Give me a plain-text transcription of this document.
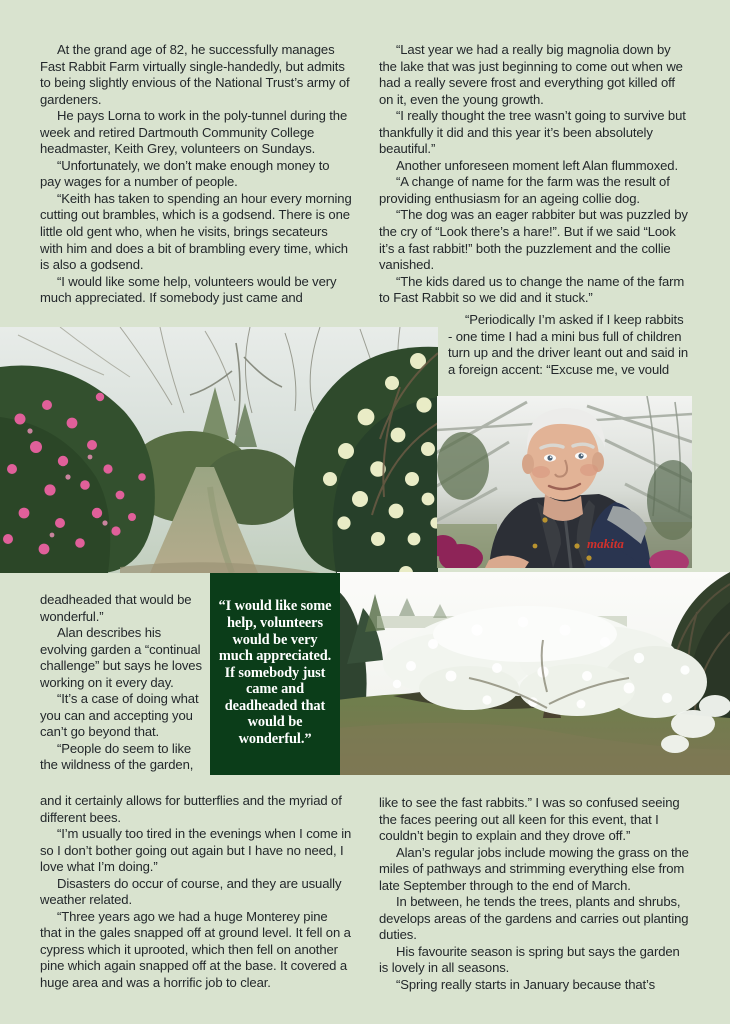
makita
“I would like some help, volunteers would be very much appreciated. If somebody just came and deadheaded that would be wonderful.”

At the grand age of 82, he successfully manages Fast Rabbit Farm virtually single-handedly, but admits to being slightly envious of the National Trust’s army of gardeners.

He pays Lorna to work in the poly-tunnel during the week and retired Dartmouth Community College headmaster, Keith Grey, volunteers on Sundays.

“Unfortunately, we don’t make enough money to pay wages for a number of people.

“Keith has taken to spending an hour every morning cutting out brambles, which is a godsend. There is one little old gent who, when he visits, brings secateurs with him and does a bit of brambling every time, which is also a godsend.

“I would like some help, volunteers would be very much appreciated. If somebody just came and

“Last year we had a really big magnolia down by the lake that was just beginning to come out when we had a really severe frost and everything got killed off on it, even the young growth.

“I really thought the tree wasn’t going to survive but thankfully it did and this year it’s been absolutely beautiful.”

Another unforeseen moment left Alan flummoxed.

“A change of name for the farm was the result of providing enthusiasm for an ageing collie dog.

“The dog was an eager rabbiter but was puzzled by the cry of “Look there’s a hare!”. But if we said “Look it’s a fast rabbit!” both the puzzlement and the collie vanished.

“The kids dared us to change the name of the farm to Fast Rabbit so we did and it stuck.”

“Periodically I’m asked if I keep rabbits - one time I had a mini bus full of children turn up and the driver leant out and said in a foreign accent: “Excuse me, ve vould

deadheaded that would be wonderful.”

Alan describes his evolving garden a “continual challenge” but says he loves working on it every day.

“It’s a case of doing what you can and accepting you can’t go beyond that.

“People do seem to like the wildness of the garden,

and it certainly allows for butterflies and the myriad of different bees.

“I’m usually too tired in the evenings when I come in so I don’t bother going out again but I have no need, I love what I’m doing.”

Disasters do occur of course, and they are usually weather related.

“Three years ago we had a huge Monterey pine that in the gales snapped off at ground level. It fell on a cypress which it uprooted, which then fell on another pine which again snapped off at the base. It covered a huge area and was a horrific job to clear.

like to see the fast rabbits.” I was so confused seeing the faces peering out all keen for this event, that I couldn’t begin to explain and they drove off.”

Alan’s regular jobs include mowing the grass on the miles of pathways and strimming everything else from late September through to the end of March.

In between, he tends the trees, plants and shrubs, develops areas of the gardens and carries out planting duties.

His favourite season is spring but says the garden is lovely in all seasons.

“Spring really starts in January because that’s
